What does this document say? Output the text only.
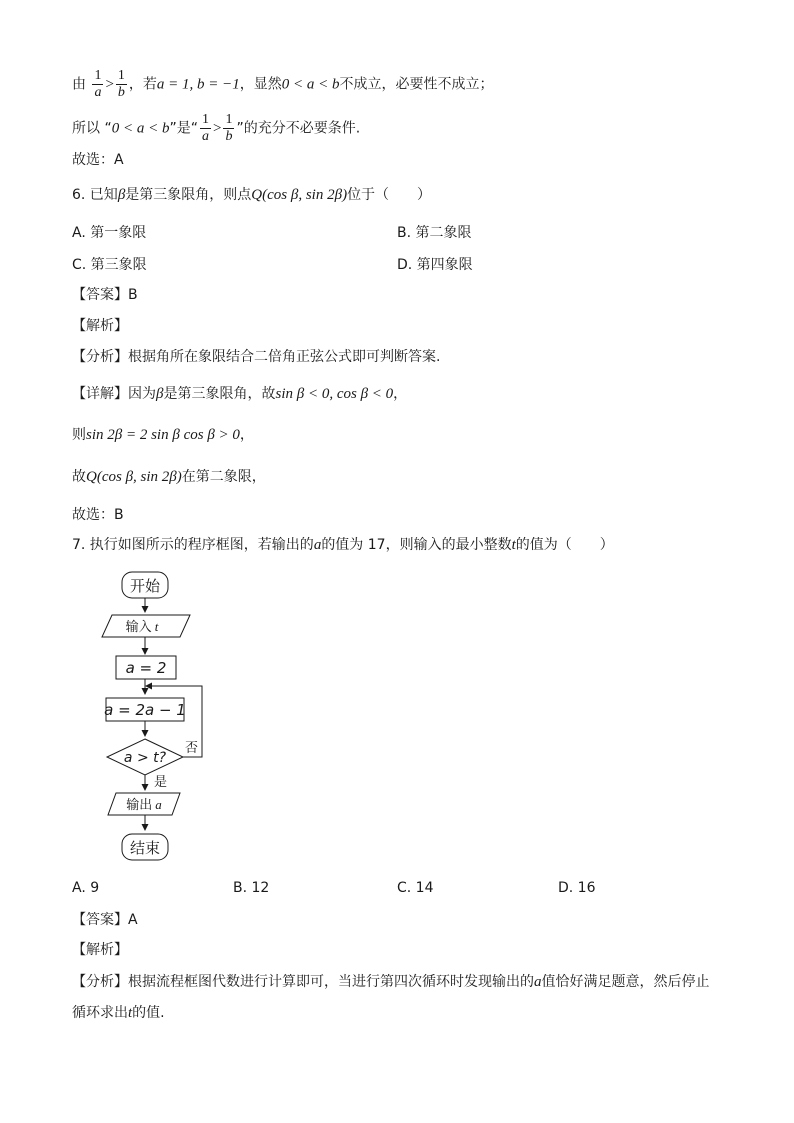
由 $\frac{1}{a} > \frac{1}{b}$ ，若a = 1, b = −1，显然0 < a < b不成立，必要性不成立；
所以 “0 < a < b”是“ $\frac{1}{a} > \frac{1}{b}$ ”的充分不必要条件.
故选：A
6. 已知β是第三象限角，则点Q(cos β, sin 2β)位于（　　）
A. 第一象限	B. 第二象限
C. 第三象限	D. 第四象限
【答案】B
【解析】
【分析】根据角所在象限结合二倍角正弦公式即可判断答案.
【详解】因为β是第三象限角，故sin β < 0, cos β < 0，
则sin 2β = 2 sin β cos β > 0，
故Q(cos β, sin 2β)在第二象限，
故选：B
7. 执行如图所示的程序框图，若输出的a的值为 17，则输入的最小整数t的值为（　　）
开始
输入 t
a = 2
a = 2a − 1
a > t?
否
是
输出 a
结束
A. 9	B. 12	C. 14	D. 16
【答案】A
【解析】
【分析】根据流程框图代数进行计算即可，当进行第四次循环时发现输出的a值恰好满足题意，然后停止
循环求出t的值.
